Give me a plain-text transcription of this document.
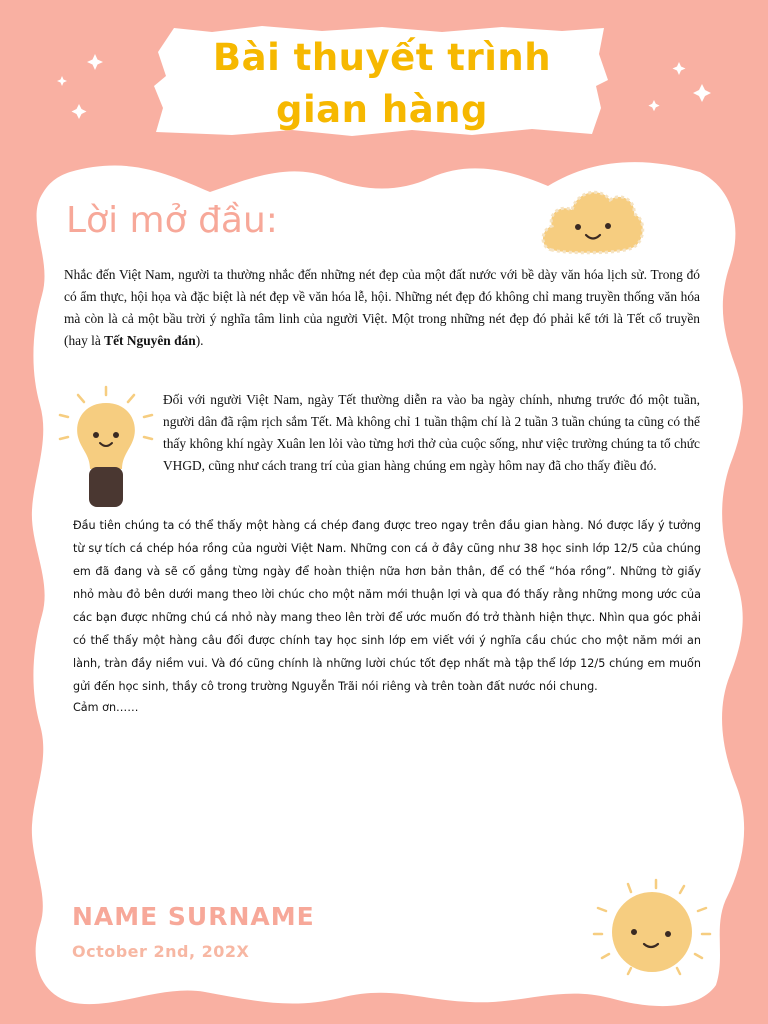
Bài thuyết trình
gian hàng
Lời mở đầu:

Nhắc đến Việt Nam, người ta thường nhắc đến những nét đẹp của một đất nước với bề dày văn hóa lịch sử. Trong đó có ẩm thực, hội họa và đặc biệt là nét đẹp về văn hóa lễ, hội. Những nét đẹp đó không chỉ mang truyền thống văn hóa mà còn là cả một bầu trời ý nghĩa tâm linh của người Việt. Một trong những nét đẹp đó phải kể tới là Tết cổ truyền (hay là Tết Nguyên đán).

Đối với người Việt Nam, ngày Tết thường diễn ra vào ba ngày chính, nhưng trước đó một tuần, người dân đã rậm rịch sắm Tết. Mà không chỉ 1 tuần thậm chí là 2 tuần 3 tuần chúng ta cũng có thể thấy không khí ngày Xuân len lỏi vào từng hơi thở của cuộc sống, như việc trường chúng ta tổ chức VHGD, cũng như cách trang trí của gian hàng chúng em ngày hôm nay đã cho thấy điều đó.

Đầu tiên chúng ta có thể thấy một hàng cá chép đang được treo ngay trên đầu gian hàng. Nó được lấy ý tưởng từ sự tích cá chép hóa rồng của người Việt Nam. Những con cá ở đây cũng như 38 học sinh lớp 12/5 của chúng em đã đang và sẽ cố gắng từng ngày để hoàn thiện nữa hơn bản thân, để có thể “hóa rồng”. Những tờ giấy nhỏ màu đỏ bên dưới mang theo lời chúc cho một năm mới thuận lợi và qua đó thấy rằng những mong ước của các bạn được những chú cá nhỏ này mang theo lên trời để ước muốn đó trở thành hiện thực. Nhìn qua góc phải có thể thấy một hàng câu đối được chính tay học sinh lớp em viết với ý nghĩa cầu chúc cho một năm mới an lành, tràn đầy niềm vui. Và đó cũng chính là những lười chúc tốt đẹp nhất mà tập thể lớp 12/5 chúng em muốn gửi đến học sinh, thầy cô trong trường Nguyễn Trãi nói riêng và trên toàn đất nước nói chung.

Cảm ơn……

NAME SURNAME

October 2nd, 202X
